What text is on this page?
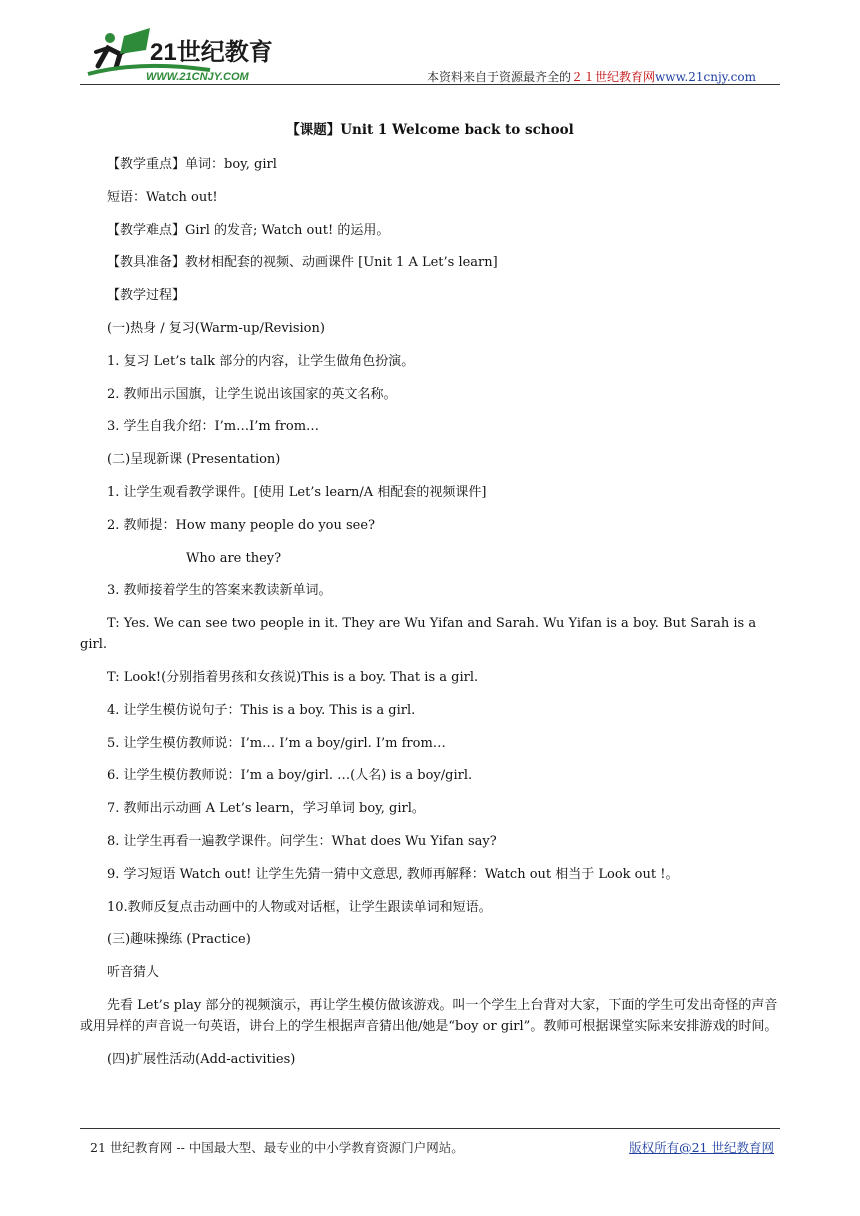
21世纪教育
WWW.21CNJY.COM	本资料来自于资源最齐全的２１世纪教育网www.21cnjy.com
【课题】Unit 1 Welcome back to school
【教学重点】单词：boy, girl
短语：Watch out!
【教学难点】Girl 的发音; Watch out! 的运用。
【教具准备】教材相配套的视频、动画课件 [Unit 1 A Let’s learn]
【教学过程】
(一)热身 / 复习(Warm-up/Revision)
1. 复习 Let’s talk 部分的内容，让学生做角色扮演。
2. 教师出示国旗，让学生说出该国家的英文名称。
3. 学生自我介绍：I’m…I’m from…
(二)呈现新课 (Presentation)
1. 让学生观看教学课件。[使用 Let’s learn/A 相配套的视频课件]
2. 教师提：How many people do you see?
Who are they?
3. 教师接着学生的答案来教读新单词。
T: Yes. We can see two people in it. They are Wu Yifan and Sarah. Wu Yifan is a boy. But Sarah is a girl.
T: Look!(分别指着男孩和女孩说)This is a boy. That is a girl.
4. 让学生模仿说句子：This is a boy. This is a girl.
5. 让学生模仿教师说：I’m… I’m a boy/girl. I’m from…
6. 让学生模仿教师说：I’m a boy/girl. …(人名) is a boy/girl.
7. 教师出示动画 A Let’s learn，学习单词 boy, girl。
8. 让学生再看一遍教学课件。问学生：What does Wu Yifan say?
9. 学习短语 Watch out! 让学生先猜一猜中文意思, 教师再解释：Watch out 相当于 Look out !。
10.教师反复点击动画中的人物或对话框，让学生跟读单词和短语。
(三)趣味操练 (Practice)
听音猜人
先看 Let’s play 部分的视频演示，再让学生模仿做该游戏。叫一个学生上台背对大家，下面的学生可发出奇怪的声音或用异样的声音说一句英语，讲台上的学生根据声音猜出他/她是“boy or girl”。教师可根据课堂实际来安排游戏的时间。
(四)扩展性活动(Add-activities)
21 世纪教育网 -- 中国最大型、最专业的中小学教育资源门户网站。	版权所有@21 世纪教育网
